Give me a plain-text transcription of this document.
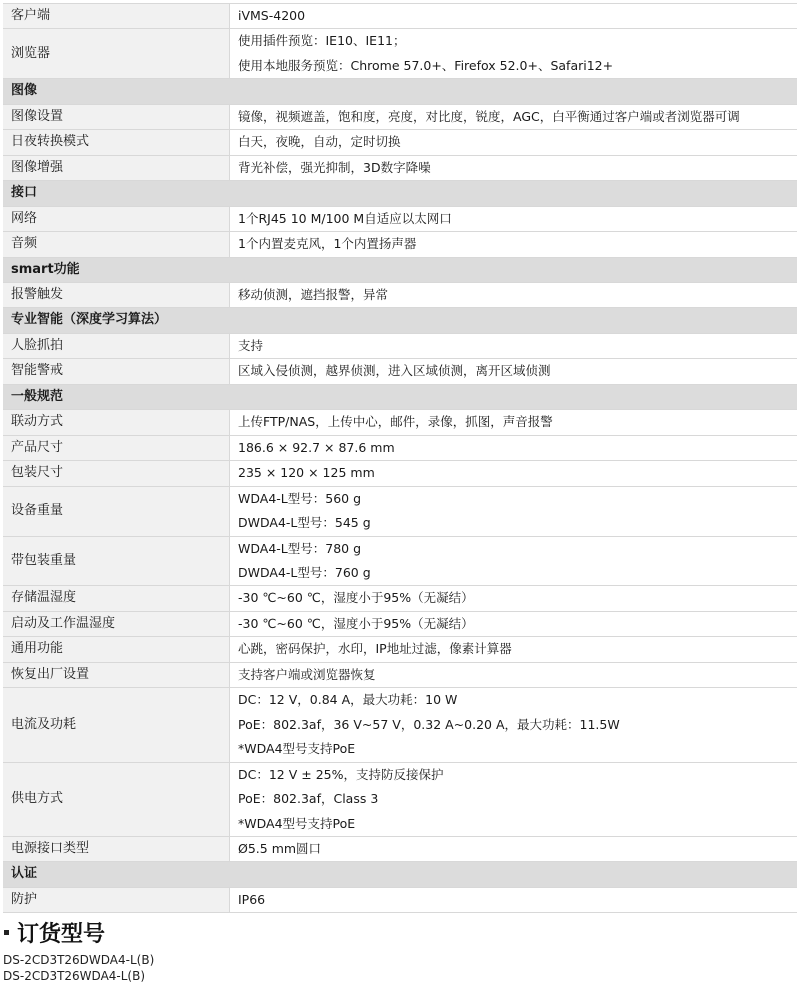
客户端	iVMS-4200

浏览器	使用插件预览：IE10、IE11；
使用本地服务预览：Chrome 57.0+、Firefox 52.0+、Safari12+

图像	
图像设置	镜像，视频遮盖，饱和度，亮度，对比度，锐度，AGC，白平衡通过客户端或者浏览器可调

日夜转换模式	白天，夜晚，自动，定时切换

图像增强	背光补偿，强光抑制，3D数字降噪

接口	
网络	1个RJ45 10 M/100 M自适应以太网口

音频	1个内置麦克风，1个内置扬声器

smart功能	
报警触发	移动侦测，遮挡报警，异常

专业智能（深度学习算法）	
人脸抓拍	支持

智能警戒	区域入侵侦测，越界侦测，进入区域侦测，离开区域侦测

一般规范	
联动方式	上传FTP/NAS，上传中心，邮件，录像，抓图，声音报警

产品尺寸	186.6 × 92.7 × 87.6 mm

包装尺寸	235 × 120 × 125 mm

设备重量	WDA4-L型号：560 g
DWDA4-L型号：545 g

带包装重量	WDA4-L型号：780 g
DWDA4-L型号：760 g

存储温湿度	-30 ℃~60 ℃，湿度小于95%（无凝结）

启动及工作温湿度	-30 ℃~60 ℃，湿度小于95%（无凝结）

通用功能	心跳，密码保护，水印，IP地址过滤，像素计算器

恢复出厂设置	支持客户端或浏览器恢复

电流及功耗	DC：12 V，0.84 A，最大功耗：10 W
PoE：802.3af，36 V~57 V，0.32 A~0.20 A，最大功耗：11.5W
*WDA4型号支持PoE

供电方式	DC：12 V ± 25%，支持防反接保护
PoE：802.3af，Class 3
*WDA4型号支持PoE

电源接口类型	Ø5.5 mm圆口

认证	
防护	IP66
订货型号
DS-2CD3T26DWDA4-L(B)
DS-2CD3T26WDA4-L(B)
